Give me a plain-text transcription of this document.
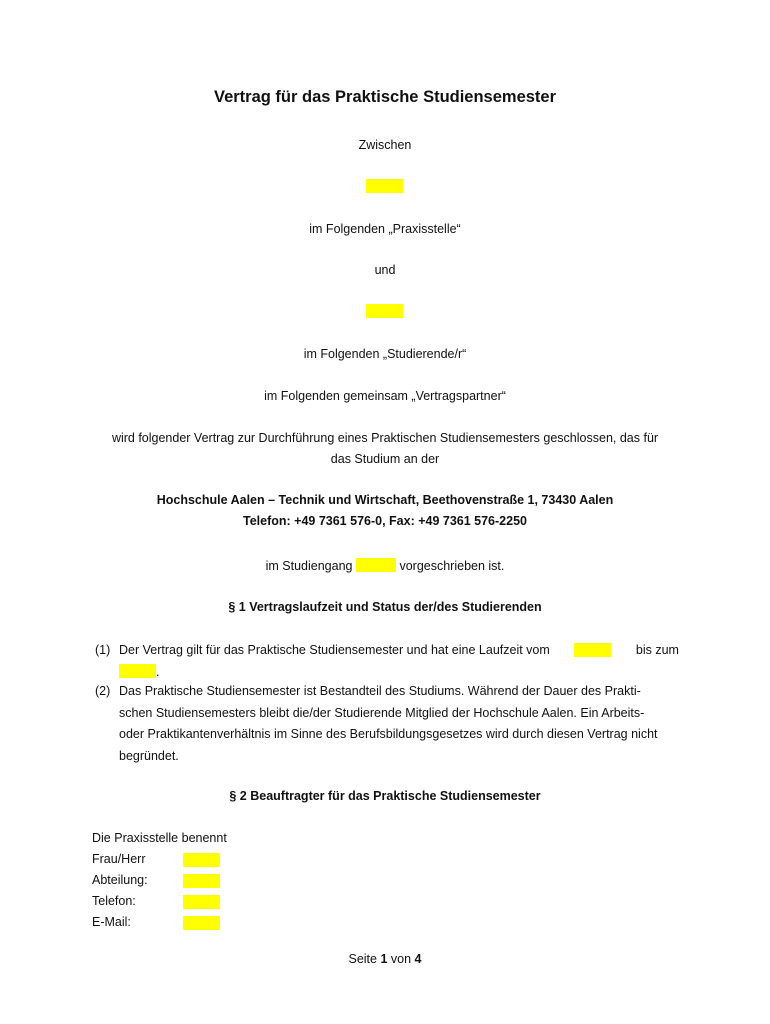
Vertrag für das Praktische Studiensemester
Zwischen
im Folgenden „Praxisstelle“
und
im Folgenden „Studierende/r“
im Folgenden gemeinsam „Vertragspartner“
wird folgender Vertrag zur Durchführung eines Praktischen Studiensemesters geschlossen, das für
das Studium an der
Hochschule Aalen – Technik und Wirtschaft, Beethovenstraße 1, 73430 Aalen
Telefon: +49 7361 576-0, Fax: +49 7361 576-2250
im Studiengang	vorgeschrieben ist.
§ 1 Vertragslaufzeit und Status der/des Studierenden
(1) Der Vertrag gilt für das Praktische Studiensemester und hat eine Laufzeit vom	bis zum
.
(2) Das Praktische Studiensemester ist Bestandteil des Studiums. Während der Dauer des Prakti-
schen Studiensemesters bleibt die/der Studierende Mitglied der Hochschule Aalen. Ein Arbeits-
oder Praktikantenverhältnis im Sinne des Berufsbildungsgesetzes wird durch diesen Vertrag nicht
begründet.
§ 2 Beauftragter für das Praktische Studiensemester
Die Praxisstelle benennt
Frau/Herr
Abteilung:
Telefon:
E-Mail:
Seite 1 von 4
